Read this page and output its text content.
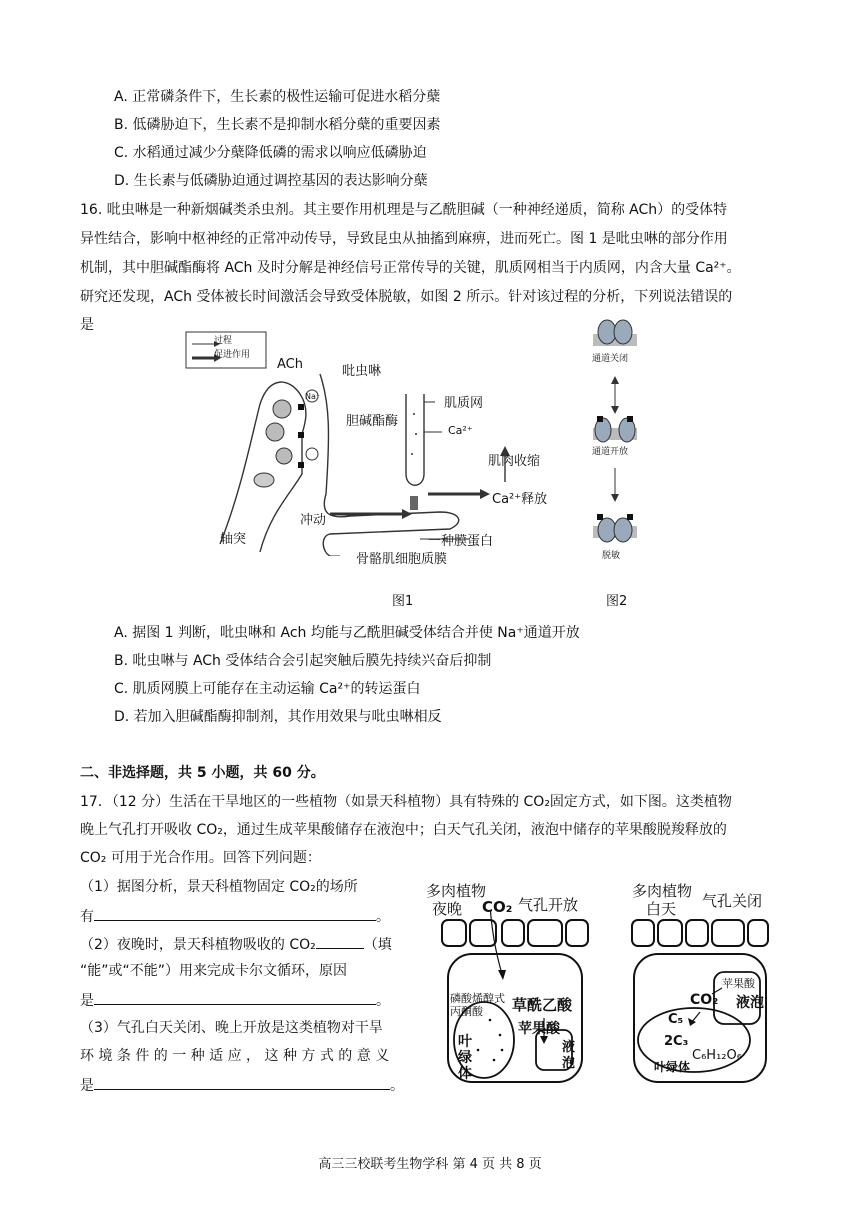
A. 正常磷条件下，生长素的极性运输可促进水稻分蘖
B. 低磷胁迫下，生长素不是抑制水稻分蘖的重要因素
C. 水稻通过减少分蘖降低磷的需求以响应低磷胁迫
D. 生长素与低磷胁迫通过调控基因的表达影响分蘖
16. 吡虫啉是一种新烟碱类杀虫剂。其主要作用机理是与乙酰胆碱（一种神经递质，简称 ACh）的受体特
异性结合，影响中枢神经的正常冲动传导，导致昆虫从抽搐到麻痹，进而死亡。图 1 是吡虫啉的部分作用
机制，其中胆碱酯酶将 ACh 及时分解是神经信号正常传导的关键，肌质网相当于内质网，内含大量 Ca²⁺。
研究还发现，ACh 受体被长时间激活会导致受体脱敏，如图 2 所示。针对该过程的分析，下列说法错误的
是
过程
促进作用
ACh	吡虫啉
Na⁺
胆碱酯酶
肌质网
Ca²⁺
肌肉收缩
Ca²⁺释放
冲动
轴突	一种膜蛋白
骨骼肌细胞质膜
图1
通道关闭
通道开放
脱敏
图2
A. 据图 1 判断，吡虫啉和 Ach 均能与乙酰胆碱受体结合并使 Na⁺通道开放
B. 吡虫啉与 ACh 受体结合会引起突触后膜先持续兴奋后抑制
C. 肌质网膜上可能存在主动运输 Ca²⁺的转运蛋白
D. 若加入胆碱酯酶抑制剂，其作用效果与吡虫啉相反
二、非选择题，共 5 小题，共 60 分。
17．（12 分）生活在干旱地区的一些植物（如景天科植物）具有特殊的 CO₂固定方式，如下图。这类植物
晚上气孔打开吸收 CO₂，通过生成苹果酸储存在液泡中；白天气孔关闭，液泡中储存的苹果酸脱羧释放的
CO₂ 可用于光合作用。回答下列问题：
（1）据图分析，景天科植物固定 CO₂的场所
有	。
（2）夜晚时，景天科植物吸收的 CO₂	（填
“能”或“不能”）用来完成卡尔文循环，原因
是	。
（3）气孔白天关闭、晚上开放是这类植物对干旱
环 境 条 件 的 一 种 适 应 ， 这 种 方 式 的 意 义
是	。
多肉植物
夜晚 CO₂ 气孔开放
磷酸烯醇式丙酮酸	草酰乙酸
苹果酸
叶绿体
液泡
多肉植物
白天 气孔关闭
苹果酸
CO₂ 液泡
C₅
2C₃
C₆H₁₂O₆
叶绿体
高三三校联考生物学科 第 4 页 共 8 页
